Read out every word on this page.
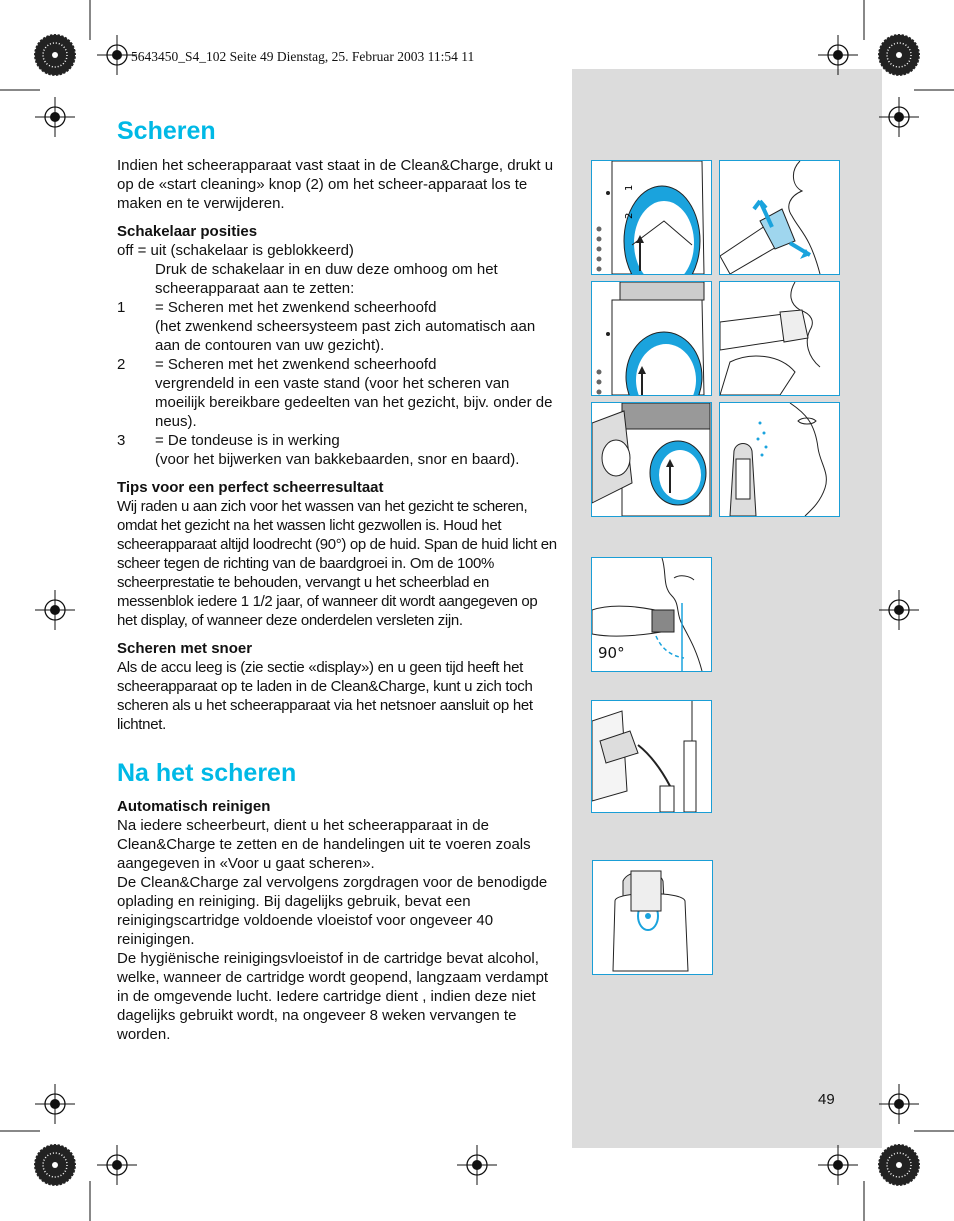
5643450_S4_102 Seite 49 Dienstag, 25. Februar 2003 11:54 11
Scheren

Indien het scheerapparaat vast staat in de Clean&Charge, drukt u op de «start cleaning» knop (2) om het scheer-apparaat los te maken en te verwijderen.

Schakelaar posities

off = uit (schakelaar is geblokkeerd)

Druk de schakelaar in en duw deze omhoog om het scheerapparaat aan te zetten:

1	= Scheren met het zwenkend scheerhoofd

(het zwenkend scheersysteem past zich automatisch aan aan de contouren van uw gezicht).

2	= Scheren met het zwenkend scheerhoofd

vergrendeld in een vaste stand (voor het scheren van moeilijk bereikbare gedeelten van het gezicht, bijv. onder de neus).

3	= De tondeuse is in werking

(voor het bijwerken van bakkebaarden, snor en baard).

Tips voor een perfect scheerresultaat

Wij raden u aan zich voor het wassen van het gezicht te scheren, omdat het gezicht na het wassen licht gezwollen is. Houd het scheerapparaat altijd loodrecht (90°) op de huid. Span de huid licht en scheer tegen de richting van de baardgroei in. Om de 100% scheerprestatie te behouden, vervangt u het scheerblad en messenblok iedere 1 1/2 jaar, of wanneer dit wordt aangegeven op het display, of wanneer deze onderdelen versleten zijn.

Scheren met snoer

Als de accu leeg is (zie sectie «display») en u geen tijd heeft het scheerapparaat op te laden in de Clean&Charge, kunt u zich toch scheren als u het scheerapparaat via het netsnoer aansluit op het lichtnet.

Na het scheren

Automatisch reinigen

Na iedere scheerbeurt, dient u het scheerapparaat in de Clean&Charge te zetten en de handelingen uit te voeren zoals aangegeven in «Voor u gaat scheren».

De Clean&Charge zal vervolgens zorgdragen voor de benodigde oplading en reiniging. Bij dagelijks gebruik, bevat een reinigingscartridge voldoende vloeistof voor ongeveer 40 reinigingen.

De hygiënische reinigingsvloeistof in de cartridge bevat alcohol, welke, wanneer de cartridge wordt geopend, langzaam verdampt in de omgevende lucht. Iedere cartridge dient , indien deze niet dagelijks gebruikt wordt, na ongeveer 8 weken vervangen te worden.

49
1
2
90°
